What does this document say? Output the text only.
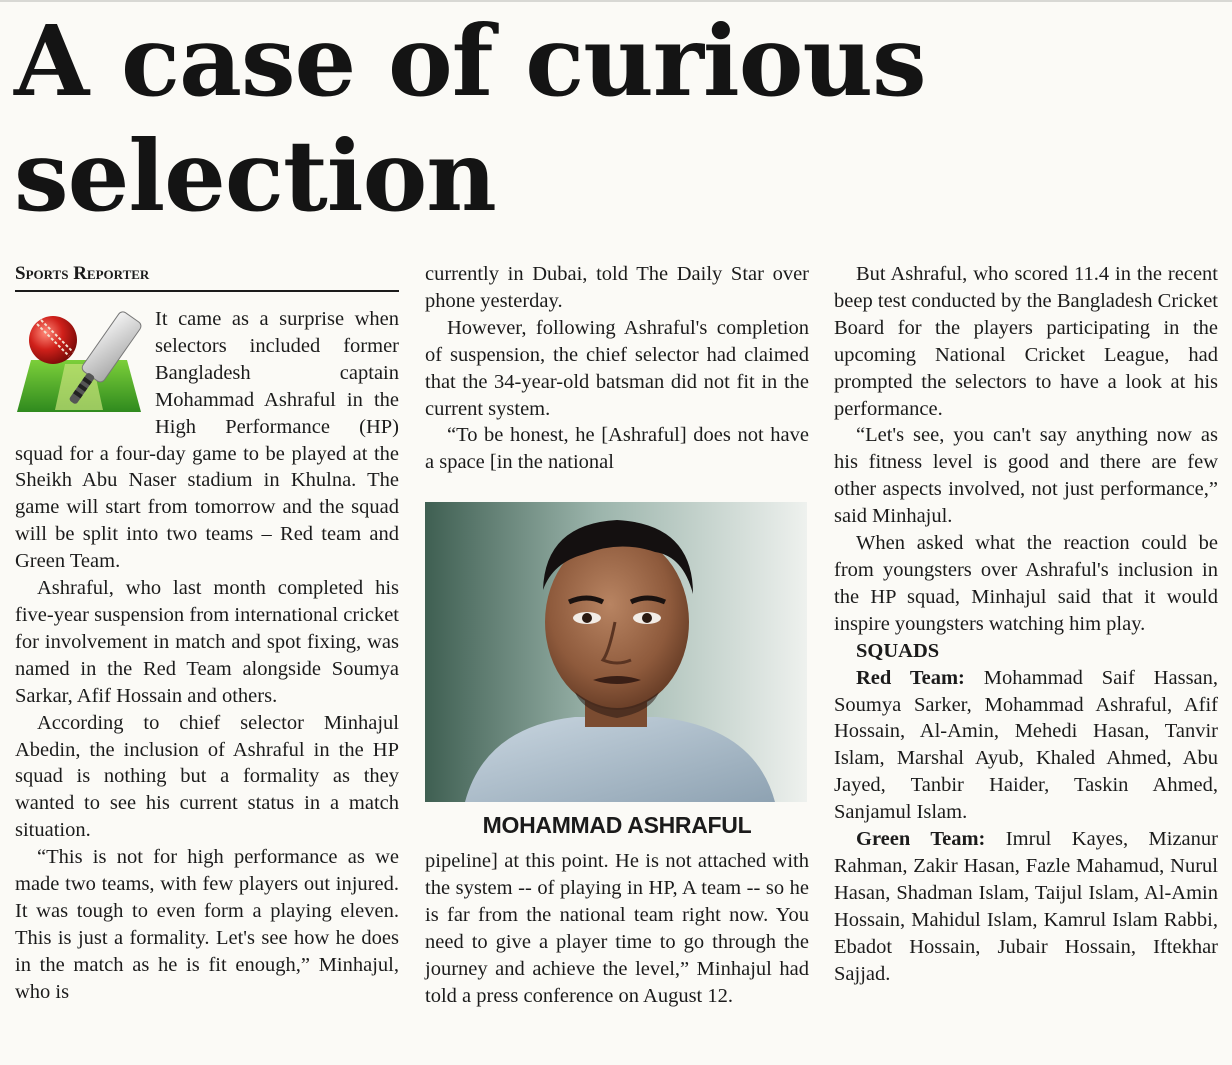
A case of curious selection
Sports Reporter

It came as a surprise when selectors included former Bangladesh captain Mohammad Ashraful in the High Performance (HP) squad for a four-day game to be played at the Sheikh Abu Naser stadium in Khulna. The game will start from tomorrow and the squad will be split into two teams – Red team and Green Team.

Ashraful, who last month completed his five-year suspension from international cricket for involvement in match and spot fixing, was named in the Red Team alongside Soumya Sarkar, Afif Hossain and others.

According to chief selector Minhajul Abedin, the inclusion of Ashraful in the HP squad is nothing but a formality as they wanted to see his current status in a match situation.

“This is not for high performance as we made two teams, with few players out injured. It was tough to even form a playing eleven. This is just a formality. Let's see how he does in the match as he is fit enough,” Minhajul, who is

currently in Dubai, told The Daily Star over phone yesterday.

However, following Ashraful's completion of suspension, the chief selector had claimed that the 34-year-old batsman did not fit in the current system.

“To be honest, he [Ashraful] does not have a space [in the national

MOHAMMAD ASHRAFUL

pipeline] at this point. He is not attached with the system -- of playing in HP, A team -- so he is far from the national team right now. You need to give a player time to go through the journey and achieve the level,” Minhajul had told a press conference on August 12.

But Ashraful, who scored 11.4 in the recent beep test conducted by the Bangladesh Cricket Board for the players participating in the upcoming National Cricket League, had prompted the selectors to have a look at his performance.

“Let's see, you can't say anything now as his fitness level is good and there are few other aspects involved, not just performance,” said Minhajul.

When asked what the reaction could be from youngsters over Ashraful's inclusion in the HP squad, Minhajul said that it would inspire youngsters watching him play.

SQUADS

Red Team: Mohammad Saif Hassan, Soumya Sarker, Mohammad Ashraful, Afif Hossain, Al-Amin, Mehedi Hasan, Tanvir Islam, Marshal Ayub, Khaled Ahmed, Abu Jayed, Tanbir Haider, Taskin Ahmed, Sanjamul Islam.

Green Team: Imrul Kayes, Mizanur Rahman, Zakir Hasan, Fazle Mahamud, Nurul Hasan, Shadman Islam, Taijul Islam, Al-Amin Hossain, Mahidul Islam, Kamrul Islam Rabbi, Ebadot Hossain, Jubair Hossain, Iftekhar Sajjad.
